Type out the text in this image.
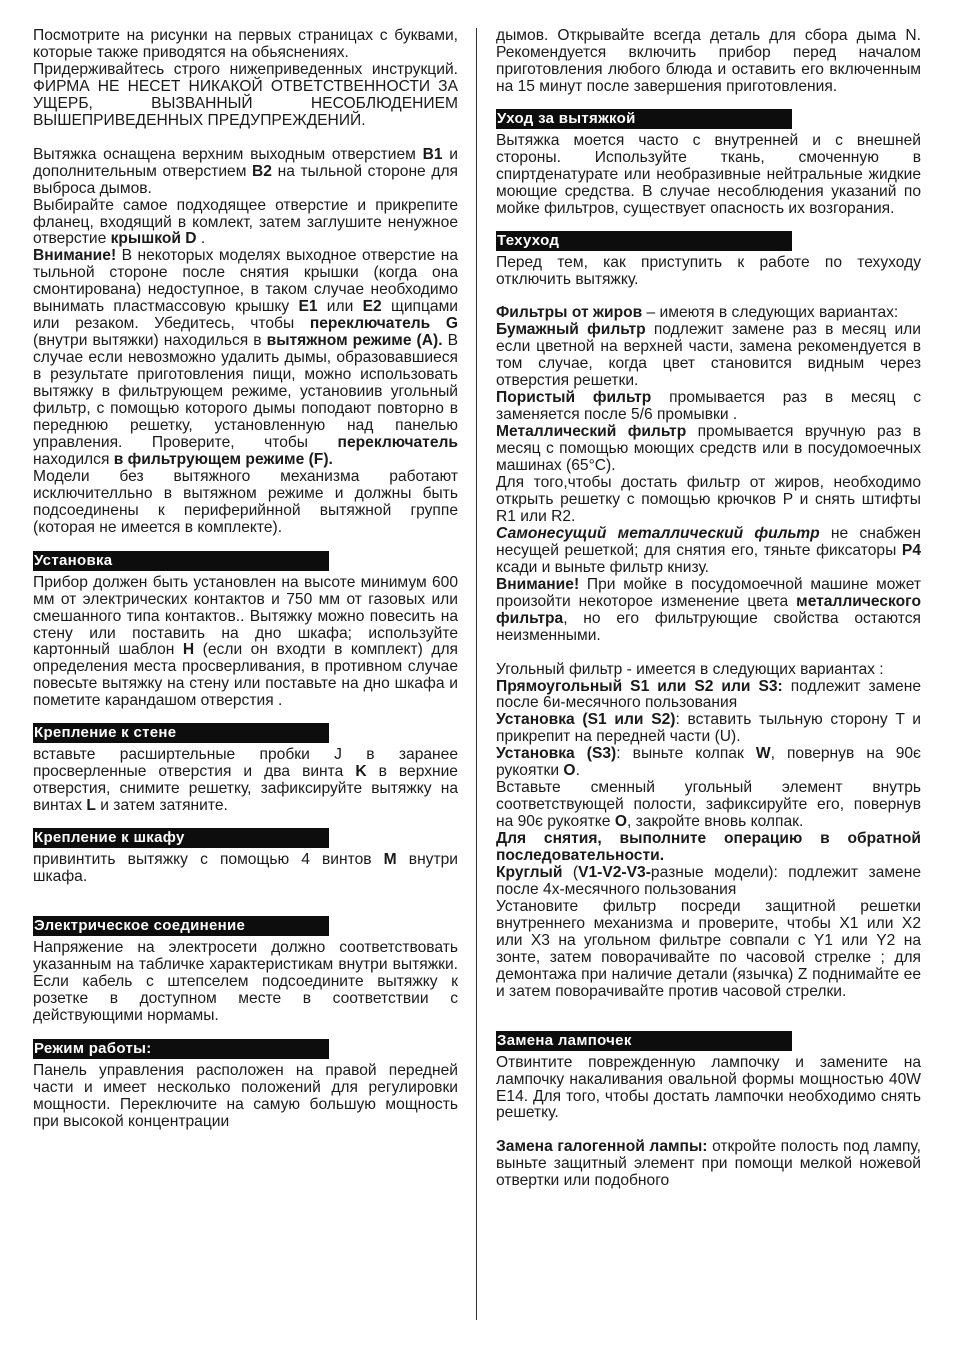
Посмотрите на рисунки на первых страницах с буквами, которые также приводятся на обьяснениях.

Придерживайтесь строго нижеприведенных инструкций. ФИРМА НЕ НЕСЕТ НИКАКОЙ ОТВЕТСТВЕННОСТИ ЗА УЩЕРБ, ВЫЗВАННЫЙ НЕСОБЛЮДЕНИЕМ ВЫШЕПРИВЕДЕННЫХ ПРЕДУПРЕЖДЕНИЙ.

Вытяжка оснащена верхним выходным отверстием B1 и дополнительным отверстием B2 на тыльной стороне для выброса дымов.

Выбирайте самое подходящее отверстие и прикрепите фланец, входящий в комлект, затем заглушите ненужное отверстие крышкой D .

Внимание! В некоторых моделях выходное отверстие на тыльной стороне после снятия крышки (когда она смонтирована) недоступное, в таком случае необходимо вынимать пластмассовую крышку E1 или E2 щипцами или резаком. Убедитесь, чтобы переключатель G (внутри вытяжки) находилься в вытяжном режиме (A). В случае если невозможно удалить дымы, образовавшиеся в результате приготовления пищи, можно использовать вытяжку в фильтрующем режиме, установиив угольный фильтр, с помощью которого дымы поподают повторно в переднюю решетку, установленную над панелью управления. Проверите, чтобы переключатель находился в фильтрующем режиме (F).

Модели без вытяжного механизма работают исключителльно в вытяжном режиме и должны быть подсоединены к периферийнной вытяжной группе (которая не имеется в комплекте).

Установка

Прибор должен быть установлен на высоте минимум 600 мм от электрических контактов и 750 мм от газовых или смешанного типа контактов.. Вытяжку можно повесить на стену или поставить на дно шкафа; используйте картонный шаблон H (если он входти в комплект) для определения места просверливания, в противном случае повесьте вытяжку на стену или поставьте на дно шкафа и пометите карандашом отверстия .

Крепление к стене

вставьте расширтельные пробки J в заранее просверленные отверстия и два винта K в верхние отверстия, снимите решетку, зафиксируйте вытяжку на винтах L и затем затяните.

Крепление к шкафу

привинтить вытяжку с помощью 4 винтов M внутри шкафа.

Электрическое соединение

Напряжение на электросети должно соответствовать указанным на табличке характеристикам внутри вытяжки. Если кабель с штепселем подсоедините вытяжку к розетке в доступном месте в соответствии с действующими нормамы.

Режим работы:

Панель управления расположен на правой передней части и имеет несколько положений для регулировки мощности. Переключите на самую большую мощность при высокой концентрации

дымов. Открывайте всегда деталь для сбора дыма N. Рекомендуется включить прибор перед началом приготовления любого блюда и оставить его включенным на 15 минут после завершения приготовления.

Уход за вытяжкой

Вытяжка моется часто с внутренней и с внешней стороны. Используйте ткань, смоченную в спиртденатурате или необразивные нейтральные жидкие моющие средства. В случае несоблюдения указаний по мойке фильтров, существует опасность их возгорания.

Техуход

Перед тем, как приступить к работе по техуходу отключить вытяжку.

Фильтры от жиров – имеютя в следующих вариантах:

Бумажный фильтр подлежит замене раз в месяц или если цветной на верхней части, замена рекомендуется в том случае, когда цвет становится видным через отверстия решетки.

Пористый фильтр промывается раз в месяц с заменяется после 5/6 промывки .

Металлический фильтр промывается вручную раз в месяц с помощью моющих средств или в посудомоечных машинах (65°C).

Для того,чтобы достать фильтр от жиров, необходимо открыть решетку с помощью крючков P и снять штифты R1 или R2.

Самонесущий металлический фильтр не снабжен несущей решеткой; для снятия его, тяньте фиксаторы P4 ксади и выньте фильтр книзу.

Внимание! При мойке в посудомоечной машине может произойти некоторое изменение цвета металлического фильтра, но его фильтрующие свойства остаются неизменными.

Угольный фильтр - имеется в следующих вариантах :

Прямоугольный S1 или S2 или S3: подлежит замене после 6и-месячного пользования

Установка (S1 или S2): вставить тыльную сторону T и прикрепит на передней части (U).

Установка (S3): выньте колпак W, повернув на 90є рукоятки O.

Вставьте сменный угольный элемент внутрь соответствующей полости, зафиксируйте его, повернув на 90є рукоятке O, закройте вновь колпак.

Для снятия, выполните операцию в обратной последовательности.

Круглый (V1-V2-V3-разные модели): подлежит замене после 4х-месячного пользования

Установите фильтр посреди защитной решетки внутреннего механизма и проверите, чтобы X1 или X2 или X3 на угольном фильтре совпали с Y1 или Y2 на зонте, затем поворачивайте по часовой стрелке ; для демонтажа при наличие детали (язычка) Z поднимайте ее и затем поворачивайте против часовой стрелки.

Замена лампочек

Отвинтите поврежденную лампочку и замените на лампочку накаливания овальной формы мощностью 40W E14. Для того, чтобы достать лампочки необходимо снять решетку.

Замена галогенной лампы: откройте полость под лампу, выньте защитный элемент при помощи мелкой ножевой отвертки или подобного
